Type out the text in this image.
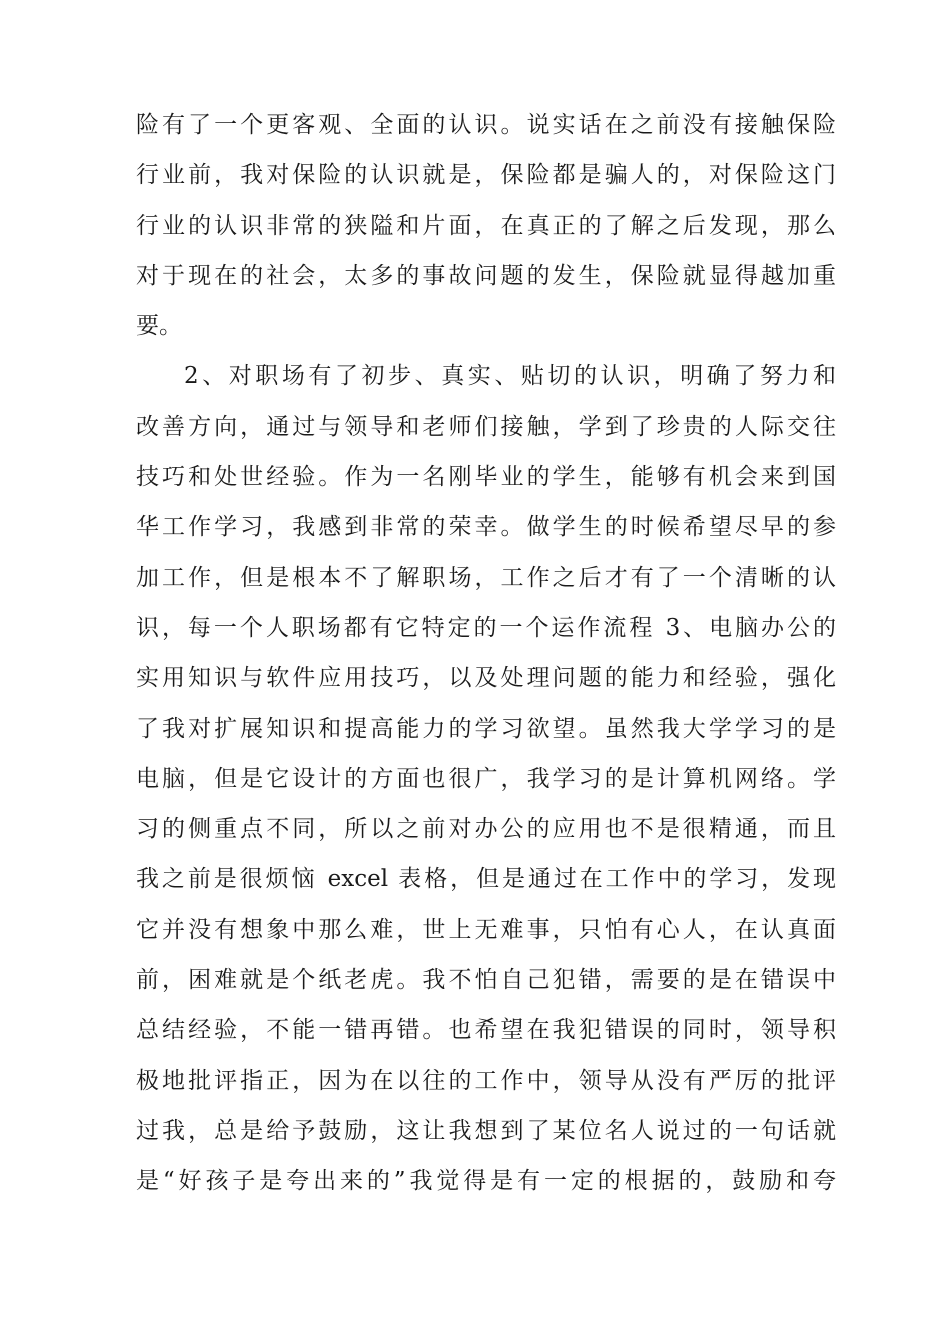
险有了一个更客观、全面的认识。说实话在之前没有接触保险
行业前，我对保险的认识就是，保险都是骗人的，对保险这门
行业的认识非常的狭隘和片面，在真正的了解之后发现，那么
对于现在的社会，太多的事故问题的发生，保险就显得越加重
要。
2、对职场有了初步、真实、贴切的认识，明确了努力和
改善方向，通过与领导和老师们接触，学到了珍贵的人际交往
技巧和处世经验。作为一名刚毕业的学生，能够有机会来到国
华工作学习，我感到非常的荣幸。做学生的时候希望尽早的参
加工作，但是根本不了解职场，工作之后才有了一个清晰的认
识，每一个人职场都有它特定的一个运作流程 3、电脑办公的
实用知识与软件应用技巧，以及处理问题的能力和经验，强化
了我对扩展知识和提高能力的学习欲望。虽然我大学学习的是
电脑，但是它设计的方面也很广，我学习的是计算机网络。学
习的侧重点不同，所以之前对办公的应用也不是很精通，而且
我之前是很烦恼 excel 表格，但是通过在工作中的学习，发现
它并没有想象中那么难，世上无难事，只怕有心人，在认真面
前，困难就是个纸老虎。我不怕自己犯错，需要的是在错误中
总结经验，不能一错再错。也希望在我犯错误的同时，领导积
极地批评指正，因为在以往的工作中，领导从没有严厉的批评
过我，总是给予鼓励，这让我想到了某位名人说过的一句话就
是“好孩子是夸出来的”我觉得是有一定的根据的，鼓励和夸
